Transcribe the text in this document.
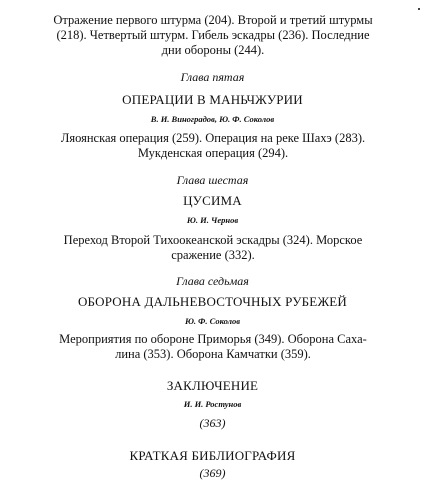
Отражение первого штурма (204). Второй и третий штурмы
(218). Четвертый штурм. Гибель эскадры (236). Последние
дни обороны (244).

Глава пятая

ОПЕРАЦИИ В МАНЬЧЖУРИИ

В. И. Виноградов, Ю. Ф. Соколов

Ляоянская операция (259). Операция на реке Шахэ (283).
Мукденская операция (294).

Глава шестая

ЦУСИМА

Ю. И. Чернов

Переход Второй Тихоокеанской эскадры (324). Морское
сражение (332).

Глава седьмая

ОБОРОНА ДАЛЬНЕВОСТОЧНЫХ РУБЕЖЕЙ

Ю. Ф. Соколов

Мероприятия по обороне Приморья (349). Оборона Саха-
лина (353). Оборона Камчатки (359).

ЗАКЛЮЧЕНИЕ

И. И. Ростунов

(363)

КРАТКАЯ БИБЛИОГРАФИЯ

(369)
